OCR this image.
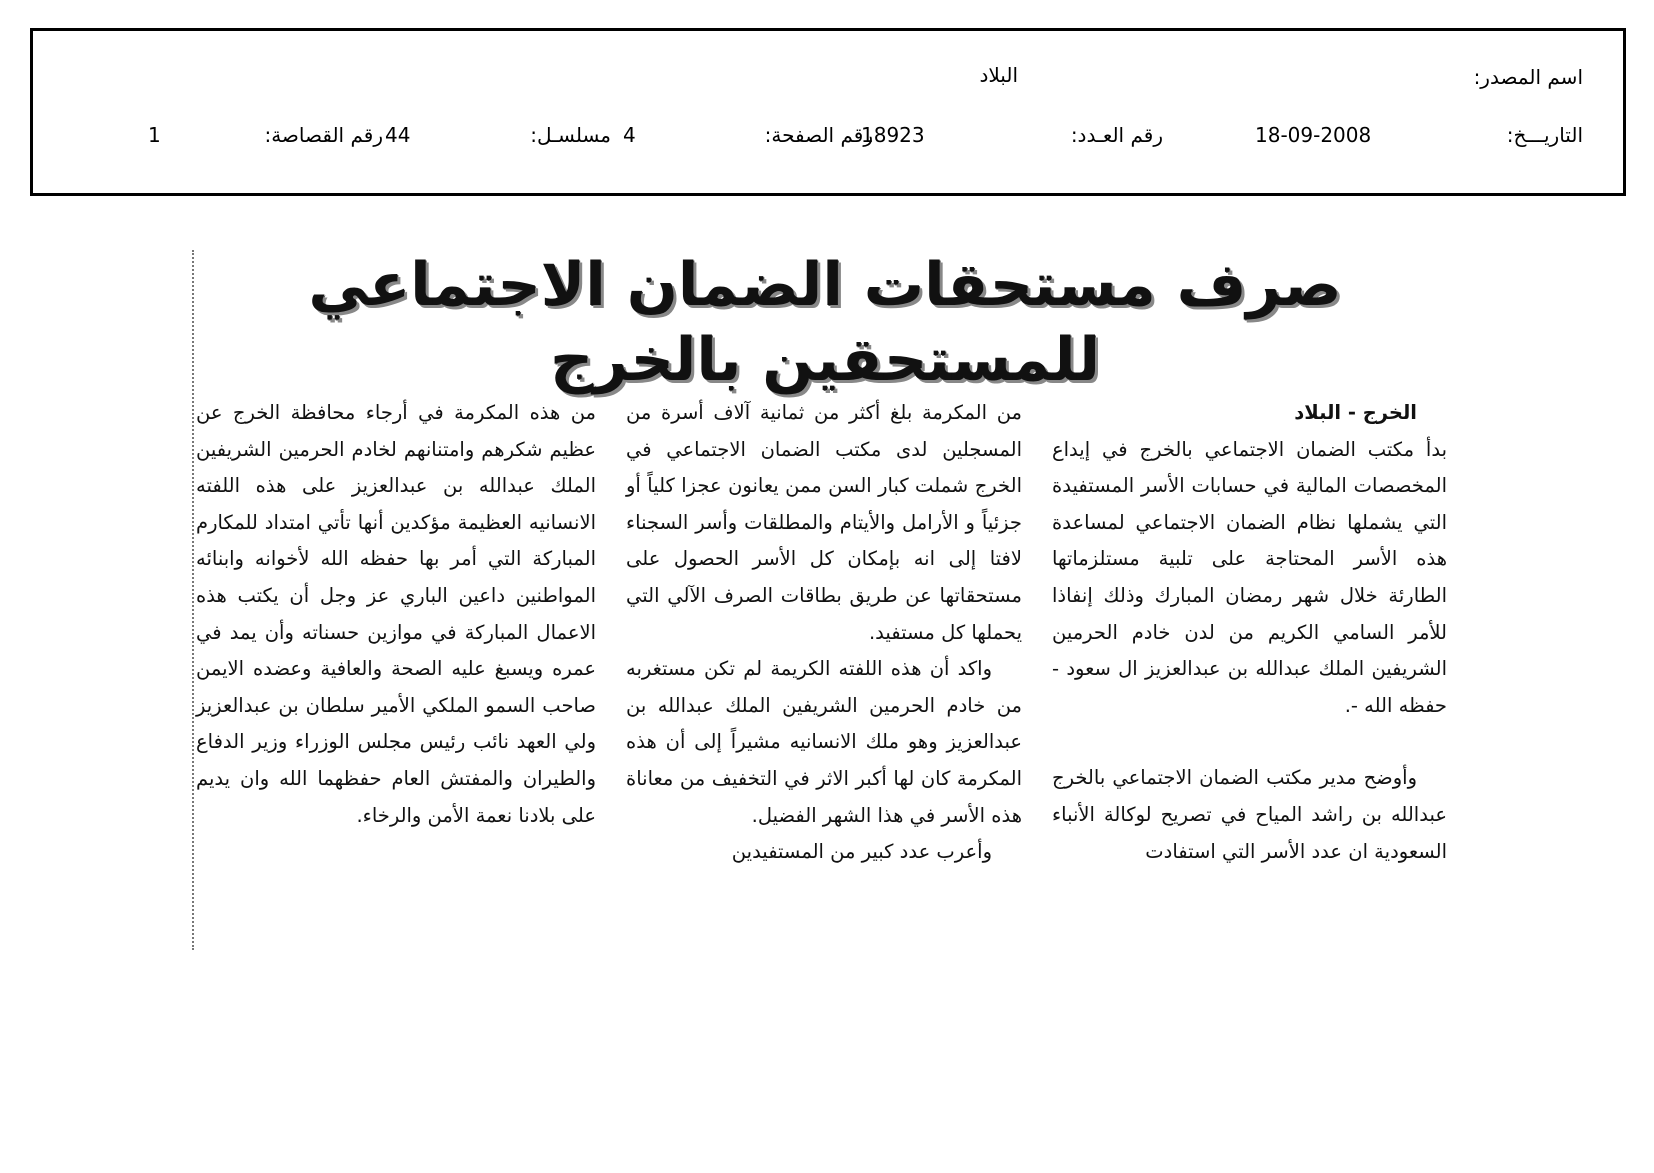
اسم المصدر:
البلاد
التاريـــخ:
18-09-2008
رقم العـدد:
18923
رقم الصفحة:
4
مسلسـل:
44
رقم القصاصة:
1
صرف مستحقات الضمان الاجتماعي للمستحقين بالخرج

الخرج - البلاد

بدأ مكتب الضمان الاجتماعي بالخرج في إيداع المخصصات المالية في حسابات الأسر المستفيدة التي يشملها نظام الضمان الاجتماعي لمساعدة هذه الأسر المحتاجة على تلبية مستلزماتها الطارئة خلال شهر رمضان المبارك وذلك إنفاذا للأمر السامي الكريم من لدن خادم الحرمين الشريفين الملك عبدالله بن عبدالعزيز ال سعود - حفظه الله -.

وأوضح مدير مكتب الضمان الاجتماعي بالخرج عبدالله بن راشد المياح في تصريح لوكالة الأنباء السعودية ان عدد الأسر التي استفادت

من المكرمة بلغ أكثر من ثمانية آلاف أسرة من المسجلين لدى مكتب الضمان الاجتماعي في الخرج شملت كبار السن ممن يعانون عجزا كلياً أو جزئياً و الأرامل والأيتام والمطلقات وأسر السجناء لافتا إلى انه بإمكان كل الأسر الحصول على مستحقاتها عن طريق بطاقات الصرف الآلي التي يحملها كل مستفيد.

واكد أن هذه اللفته الكريمة لم تكن مستغربه من خادم الحرمين الشريفين الملك عبدالله بن عبدالعزيز وهو ملك الانسانيه مشيراً إلى أن هذه المكرمة كان لها أكبر الاثر في التخفيف من معاناة هذه الأسر في هذا الشهر الفضيل.

وأعرب عدد كبير من المستفيدين

من هذه المكرمة في أرجاء محافظة الخرج عن عظيم شكرهم وامتنانهم لخادم الحرمين الشريفين الملك عبدالله بن عبدالعزيز على هذه اللفته الانسانيه العظيمة مؤكدين أنها تأتي امتداد للمكارم المباركة التي أمر بها حفظه الله لأخوانه وابنائه المواطنين داعين الباري عز وجل أن يكتب هذه الاعمال المباركة في موازين حسناته وأن يمد في عمره ويسبغ عليه الصحة والعافية وعضده الايمن صاحب السمو الملكي الأمير سلطان بن عبدالعزيز ولي العهد نائب رئيس مجلس الوزراء وزير الدفاع والطيران والمفتش العام حفظهما الله وان يديم على بلادنا نعمة الأمن والرخاء.
